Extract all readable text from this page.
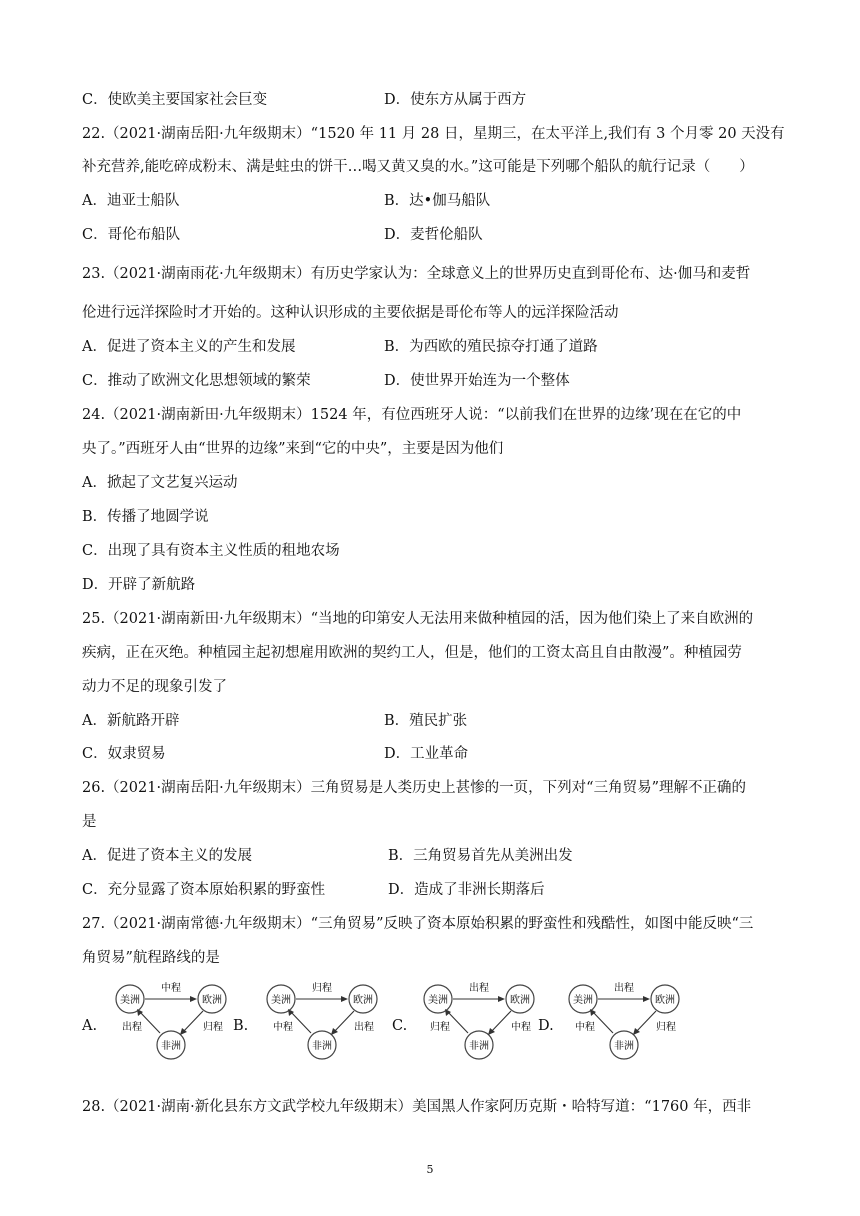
C．使欧美主要国家社会巨变	D．使东方从属于西方
22.（2021·湖南岳阳·九年级期末）“1520 年 11 月 28 日，星期三，在太平洋上,我们有 3 个月零 20 天没有
补充营养,能吃碎成粉末、满是蛀虫的饼干…喝又黄又臭的水。”这可能是下列哪个船队的航行记录（　　）
A．迪亚士船队	B．达•伽马船队
C．哥伦布船队	D．麦哲伦船队
23.（2021·湖南雨花·九年级期末）有历史学家认为：全球意义上的世界历史直到哥伦布、达·伽马和麦哲
伦进行远洋探险时才开始的。这种认识形成的主要依据是哥伦布等人的远洋探险活动
A．促进了资本主义的产生和发展	B．为西欧的殖民掠夺打通了道路
C．推动了欧洲文化思想领域的繁荣	D．使世界开始连为一个整体
24.（2021·湖南新田·九年级期末）1524 年，有位西班牙人说：“以前我们在世界的边缘’现在在它的中
央了。”西班牙人由“世界的边缘”来到“它的中央”，主要是因为他们
A．掀起了文艺复兴运动
B．传播了地圆学说
C．出现了具有资本主义性质的租地农场
D．开辟了新航路
25.（2021·湖南新田·九年级期末）“当地的印第安人无法用来做种植园的活，因为他们染上了来自欧洲的
疾病，正在灭绝。种植园主起初想雇用欧洲的契约工人，但是，他们的工资太高且自由散漫”。种植园劳
动力不足的现象引发了
A．新航路开辟	B．殖民扩张
C．奴隶贸易	D．工业革命
26.（2021·湖南岳阳·九年级期末）三角贸易是人类历史上甚惨的一页，下列对“三角贸易”理解不正确的
是
A．促进了资本主义的发展	B．三角贸易首先从美洲出发
C．充分显露了资本原始积累的野蛮性	D．造成了非洲长期落后
27.（2021·湖南常德·九年级期末）“三角贸易”反映了资本原始积累的野蛮性和残酷性，如图中能反映“三
角贸易”航程路线的是
A.	B.	C.	D.
美洲	欧洲
非洲
中程
归程
出程
美洲	欧洲
非洲
归程
出程
中程
美洲	欧洲
非洲
出程
中程
归程
美洲	欧洲
非洲
出程
归程
中程
28.（2021·湖南·新化县东方文武学校九年级期末）美国黑人作家阿历克斯・哈特写道：“1760 年，西非
5
